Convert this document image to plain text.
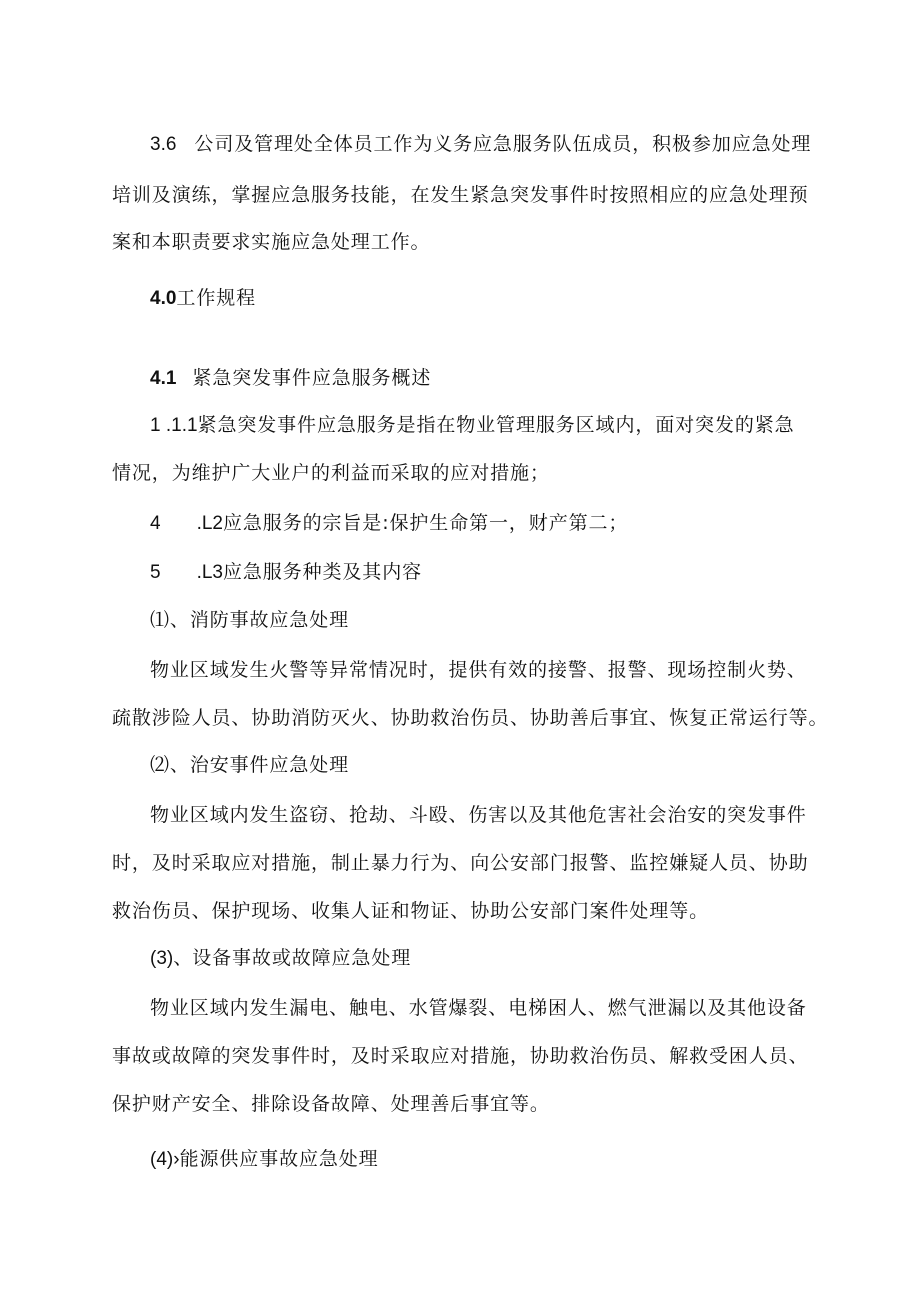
3.6 公司及管理处全体员工作为义务应急服务队伍成员，积极参加应急处理
培训及演练，掌握应急服务技能，在发生紧急突发事件时按照相应的应急处理预
案和本职责要求实施应急处理工作。
4.0工作规程
4.1 紧急突发事件应急服务概述
1 .1.1紧急突发事件应急服务是指在物业管理服务区域内，面对突发的紧急
情况，为维护广大业户的利益而采取的应对措施；
4 .L2应急服务的宗旨是:保护生命第一，财产第二；
5 .L3应急服务种类及其内容
⑴、消防事故应急处理
物业区域发生火警等异常情况时，提供有效的接警、报警、现场控制火势、
疏散涉险人员、协助消防灭火、协助救治伤员、协助善后事宜、恢复正常运行等。
⑵、治安事件应急处理
物业区域内发生盗窃、抢劫、斗殴、伤害以及其他危害社会治安的突发事件
时，及时采取应对措施，制止暴力行为、向公安部门报警、监控嫌疑人员、协助
救治伤员、保护现场、收集人证和物证、协助公安部门案件处理等。
(3)、设备事故或故障应急处理
物业区域内发生漏电、触电、水管爆裂、电梯困人、燃气泄漏以及其他设备
事故或故障的突发事件时，及时采取应对措施，协助救治伤员、解救受困人员、
保护财产安全、排除设备故障、处理善后事宜等。
(4)›能源供应事故应急处理
